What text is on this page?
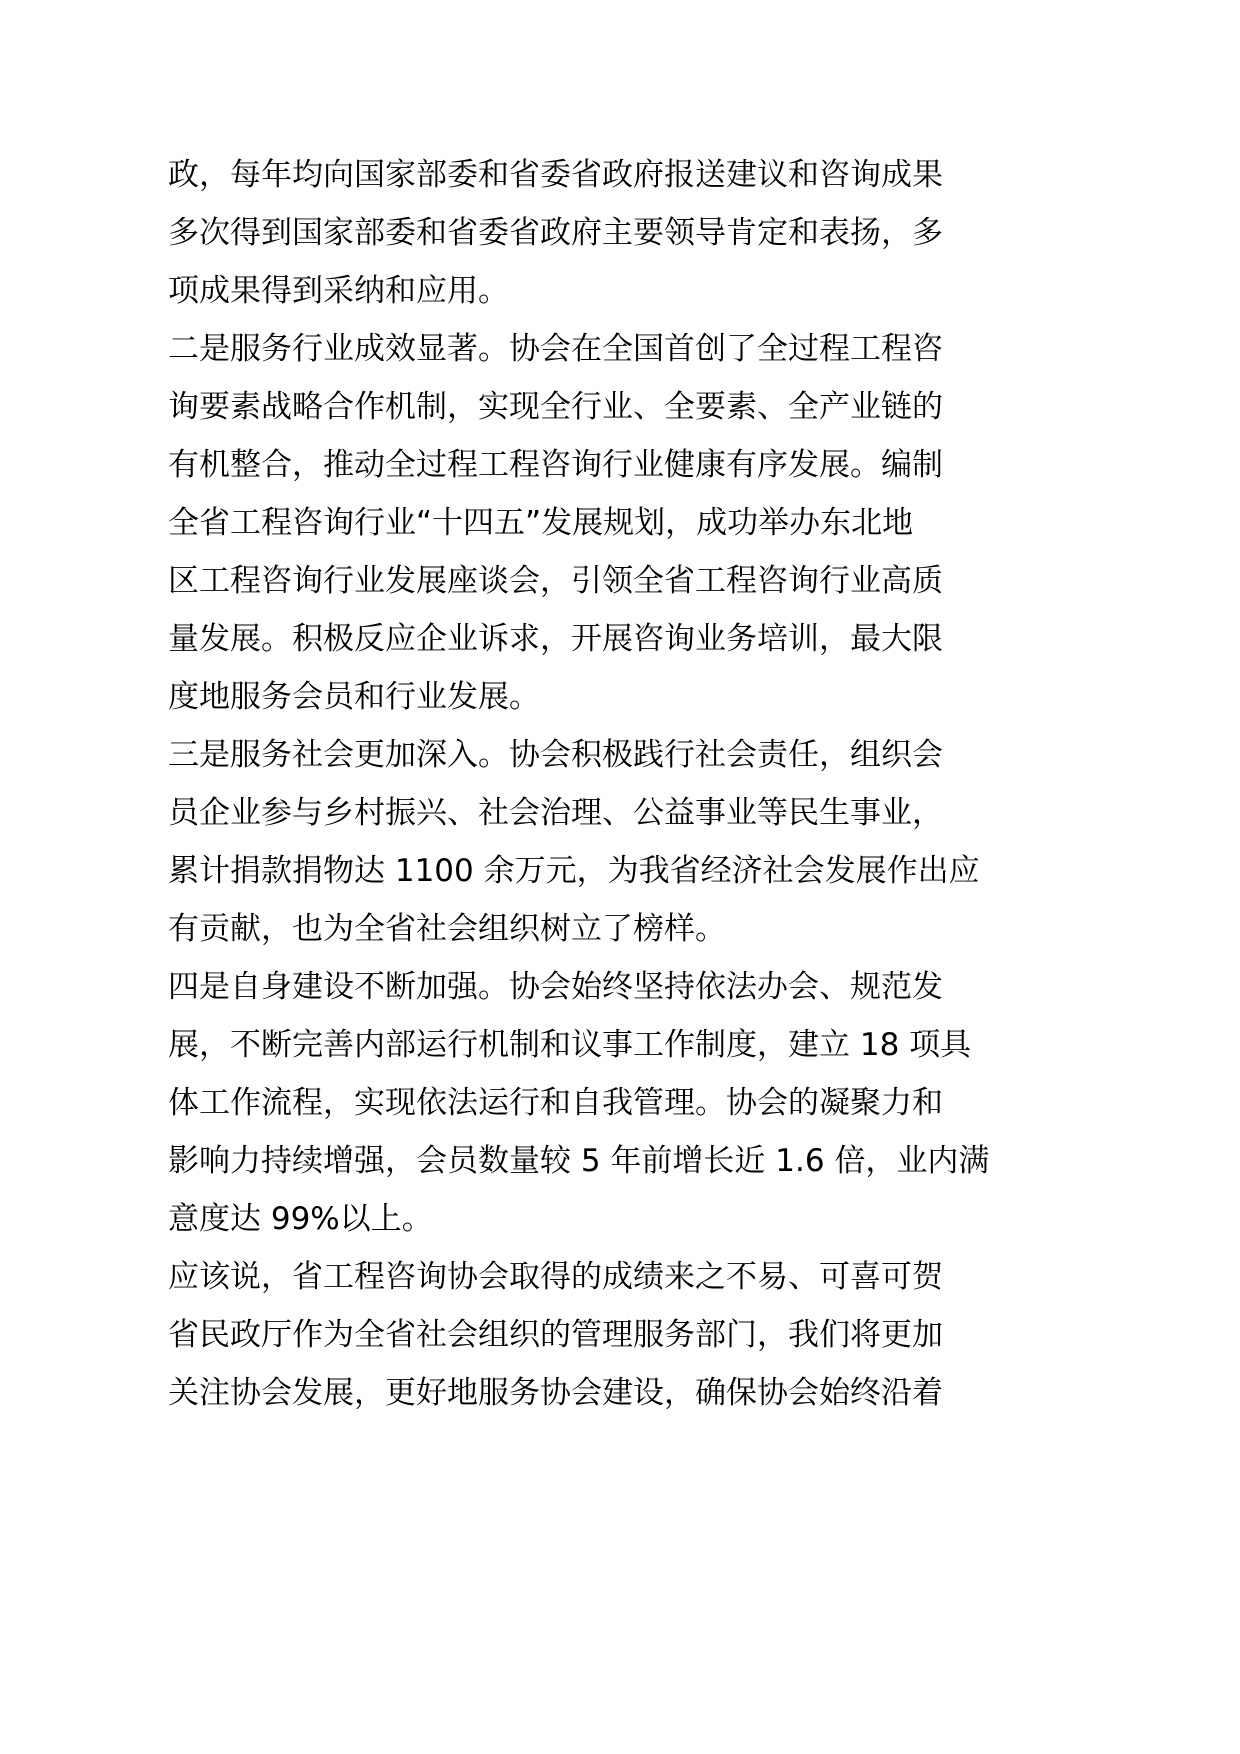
政，每年均向国家部委和省委省政府报送建议和咨询成果
多次得到国家部委和省委省政府主要领导肯定和表扬，多
项成果得到采纳和应用。
二是服务行业成效显著。协会在全国首创了全过程工程咨
询要素战略合作机制，实现全行业、全要素、全产业链的
有机整合，推动全过程工程咨询行业健康有序发展。编制
全省工程咨询行业“十四五”发展规划，成功举办东北地
区工程咨询行业发展座谈会，引领全省工程咨询行业高质
量发展。积极反应企业诉求，开展咨询业务培训，最大限
度地服务会员和行业发展。
三是服务社会更加深入。协会积极践行社会责任，组织会
员企业参与乡村振兴、社会治理、公益事业等民生事业，
累计捐款捐物达 1100 余万元，为我省经济社会发展作出应
有贡献，也为全省社会组织树立了榜样。
四是自身建设不断加强。协会始终坚持依法办会、规范发
展，不断完善内部运行机制和议事工作制度，建立 18 项具
体工作流程，实现依法运行和自我管理。协会的凝聚力和
影响力持续增强，会员数量较 5 年前增长近 1.6 倍，业内满
意度达 99%以上。
应该说，省工程咨询协会取得的成绩来之不易、可喜可贺
省民政厅作为全省社会组织的管理服务部门，我们将更加
关注协会发展，更好地服务协会建设，确保协会始终沿着
